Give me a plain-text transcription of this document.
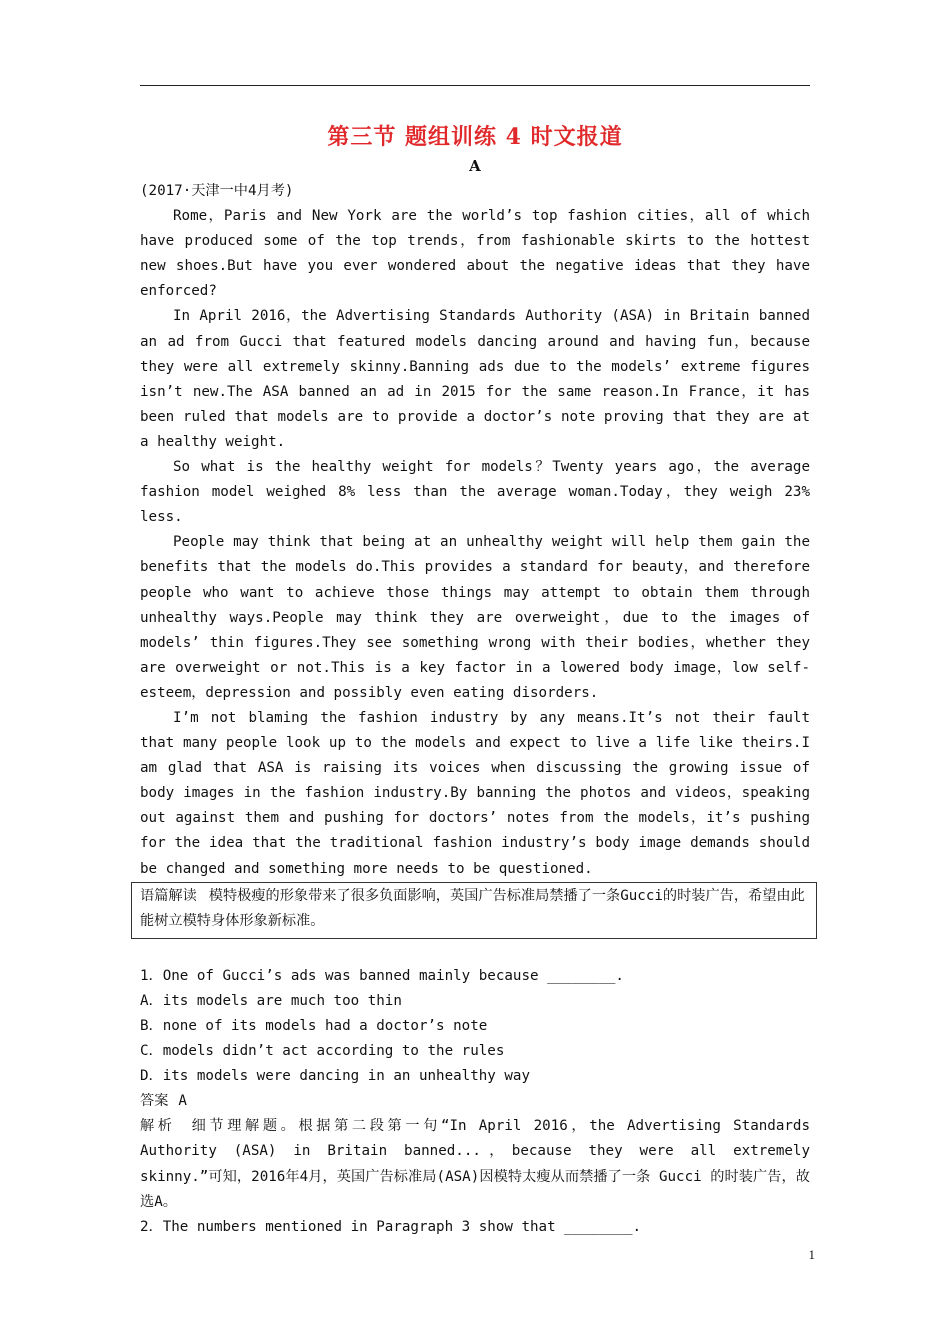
第三节 题组训练 4 时文报道
A

(2017·天津一中4月考)

Rome，Paris and New York are the world’s top fashion cities，all of which have produced some of the top trends，from fashionable skirts to the hottest new shoes.But have you ever wondered about the negative ideas that they have enforced?

In April 2016，the Advertising Standards Authority (ASA) in Britain banned an ad from Gucci that featured models dancing around and having fun，because they were all extremely skinny.Banning ads due to the models’ extreme figures isn’t new.The ASA banned an ad in 2015 for the same reason.In France，it has been ruled that models are to provide a doctor’s note proving that they are at a healthy weight.

So what is the healthy weight for models？Twenty years ago，the average fashion model weighed 8% less than the average woman.Today，they weigh 23% less.

People may think that being at an unhealthy weight will help them gain the benefits that the models do.This provides a standard for beauty，and therefore people who want to achieve those things may attempt to obtain them through unhealthy ways.People may think they are overweight，due to the images of models’ thin figures.They see something wrong with their bodies，whether they are overweight or not.This is a key factor in a lowered body image，low self-esteem，depression and possibly even eating disorders.

I’m not blaming the fashion industry by any means.It’s not their fault that many people look up to the models and expect to live a life like theirs.I am glad that ASA is raising its voices when discussing the growing issue of body images in the fashion industry.By banning the photos and videos，speaking out against them and pushing for doctors’ notes from the models，it’s pushing for the idea that the traditional fashion industry’s body image demands should be changed and something more needs to be questioned.

语篇解读 模特极瘦的形象带来了很多负面影响，英国广告标准局禁播了一条Gucci的时装广告，希望由此能树立模特身体形象新标准。

1．One of Gucci’s ads was banned mainly because ________.

A．its models are much too thin

B．none of its models had a doctor’s note

C．models didn’t act according to the rules

D．its models were dancing in an unhealthy way

答案 A

解析 细节理解题。根据第二段第一句“In April 2016，the Advertising Standards Authority (ASA) in Britain banned...，because they were all extremely skinny.”可知，2016年4月，英国广告标准局(ASA)因模特太瘦从而禁播了一条 Gucci 的时装广告，故选A。

2．The numbers mentioned in Paragraph 3 show that ________.

1
